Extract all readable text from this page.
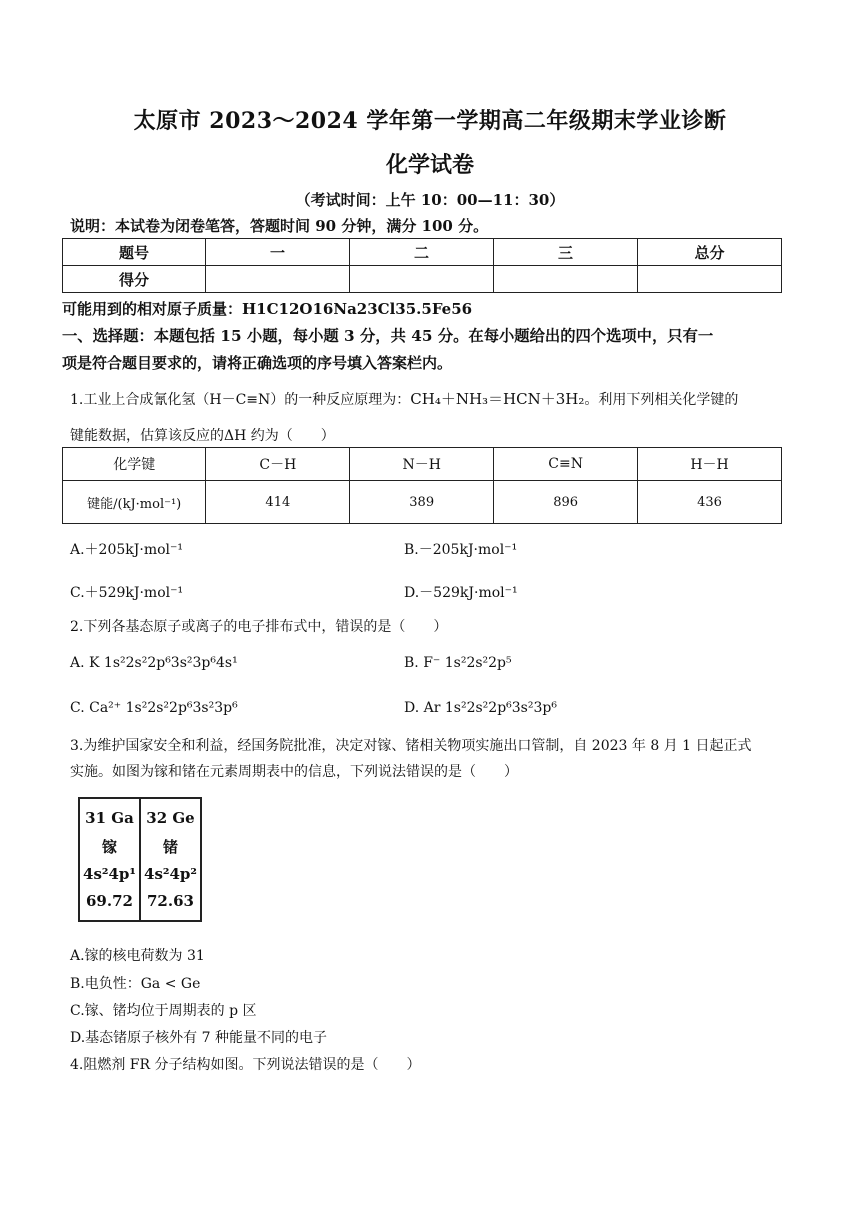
太原市 2023～2024 学年第一学期高二年级期末学业诊断
化学试卷
（考试时间：上午 10：00—11：30）
说明：本试卷为闭卷笔答，答题时间 90 分钟，满分 100 分。
题号	一	二	三	总分
得分				
可能用到的相对原子质量：H1C12O16Na23Cl35.5Fe56
一、选择题：本题包括 15 小题，每小题 3 分，共 45 分。在每小题给出的四个选项中，只有一
项是符合题目要求的，请将正确选项的序号填入答案栏内。
1.工业上合成氰化氢（H－C≡N）的一种反应原理为：CH₄＋NH₃＝HCN＋3H₂。利用下列相关化学键的
键能数据，估算该反应的ΔH 约为（　　）
化学键	C－H	N－H	C≡N	H－H
键能/(kJ·mol⁻¹)	414	389	896	436
A.＋205kJ·mol⁻¹	B.－205kJ·mol⁻¹
C.＋529kJ·mol⁻¹	D.－529kJ·mol⁻¹
2.下列各基态原子或离子的电子排布式中，错误的是（　　）
A. K 1s²2s²2p⁶3s²3p⁶4s¹	B. F⁻ 1s²2s²2p⁵
C. Ca²⁺ 1s²2s²2p⁶3s²3p⁶	D. Ar 1s²2s²2p⁶3s²3p⁶
3.为维护国家安全和利益，经国务院批准，决定对镓、锗相关物项实施出口管制，自 2023 年 8 月 1 日起正式
实施。如图为镓和锗在元素周期表中的信息，下列说法错误的是（　　）
31 Ga
镓
4s²4p¹
69.72
32 Ge
锗
4s²4p²
72.63
A.镓的核电荷数为 31
B.电负性：Ga < Ge
C.镓、锗均位于周期表的 p 区
D.基态锗原子核外有 7 种能量不同的电子
4.阻燃剂 FR 分子结构如图。下列说法错误的是（　　）
